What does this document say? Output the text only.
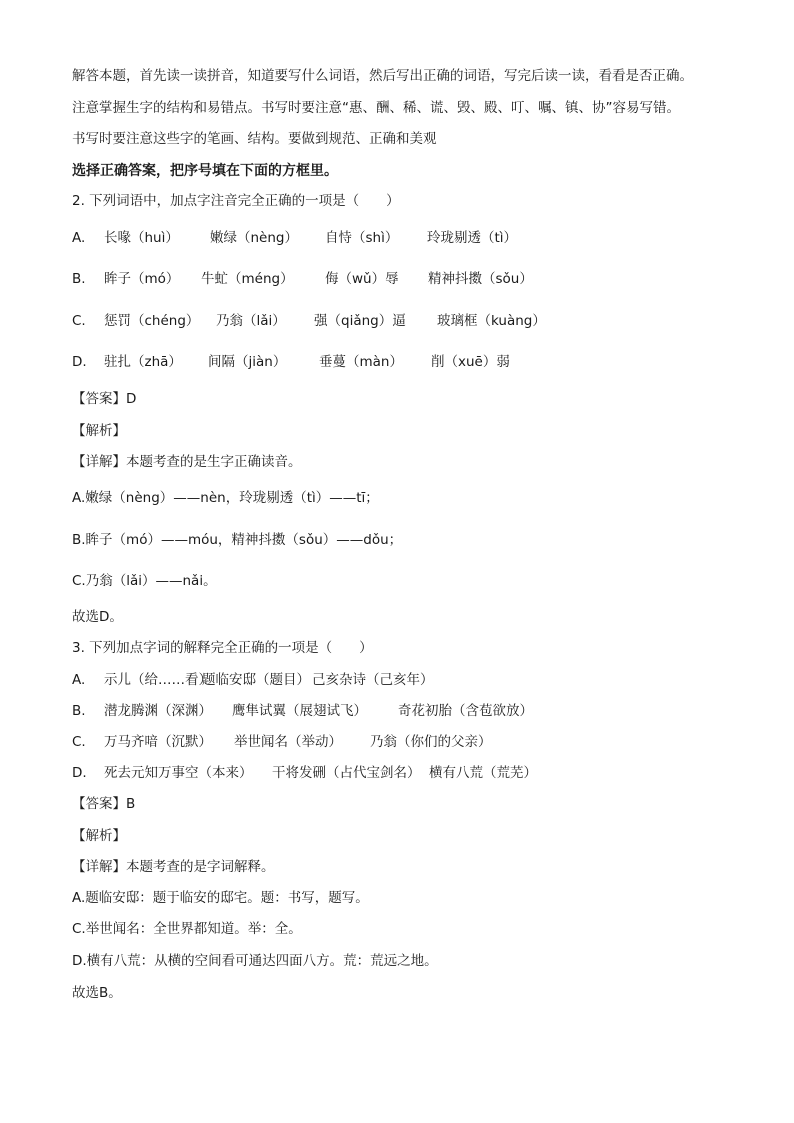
解答本题，首先读一读拼音，知道要写什么词语，然后写出正确的词语，写完后读一读，看看是否正确。
注意掌握生字的结构和易错点。书写时要注意“惠、酬、稀、谎、毁、殿、叮、嘱、镇、协”容易写错。
书写时要注意这些字的笔画、结构。要做到规范、正确和美观
选择正确答案，把序号填在下面的方框里。
2. 下列词语中，加点字注音完全正确的一项是（　　）
A. 长喙（huì） 嫩绿（nèng） 自恃（shì） 玲珑剔透（tì）
B. 眸子（mó） 牛虻（méng） 侮（wǔ）辱 精神抖擞（sǒu）
C. 惩罚（chéng） 乃翁（lǎi） 强（qiǎng）逼 玻璃框（kuàng）
D. 驻扎（zhā） 间隔（jiàn） 垂蔓（màn） 削（xuē）弱
【答案】D
【解析】
【详解】本题考查的是生字正确读音。
A.嫩绿（nèng）——nèn，玲珑剔透（tì）——tī；
B.眸子（mó）——móu，精神抖擞（sǒu）——dǒu；
C.乃翁（lǎi）——nǎi。
故选D。
3. 下列加点字词的解释完全正确的一项是（　　）
A. 示儿（给……看）题临安邸（题目） 己亥杂诗（己亥年）
B. 潜龙腾渊（深渊） 鹰隼试翼（展翅试飞） 奇花初胎（含苞欲放）
C. 万马齐喑（沉默） 举世闻名（举动） 乃翁（你们的父亲）
D. 死去元知万事空（本来） 干将发硎（占代宝剑名） 横有八荒（荒芜）
【答案】B
【解析】
【详解】本题考查的是字词解释。
A.题临安邸：题于临安的邸宅。题：书写，题写。
C.举世闻名：全世界都知道。举：全。
D.横有八荒：从横的空间看可通达四面八方。荒：荒远之地。
故选B。
